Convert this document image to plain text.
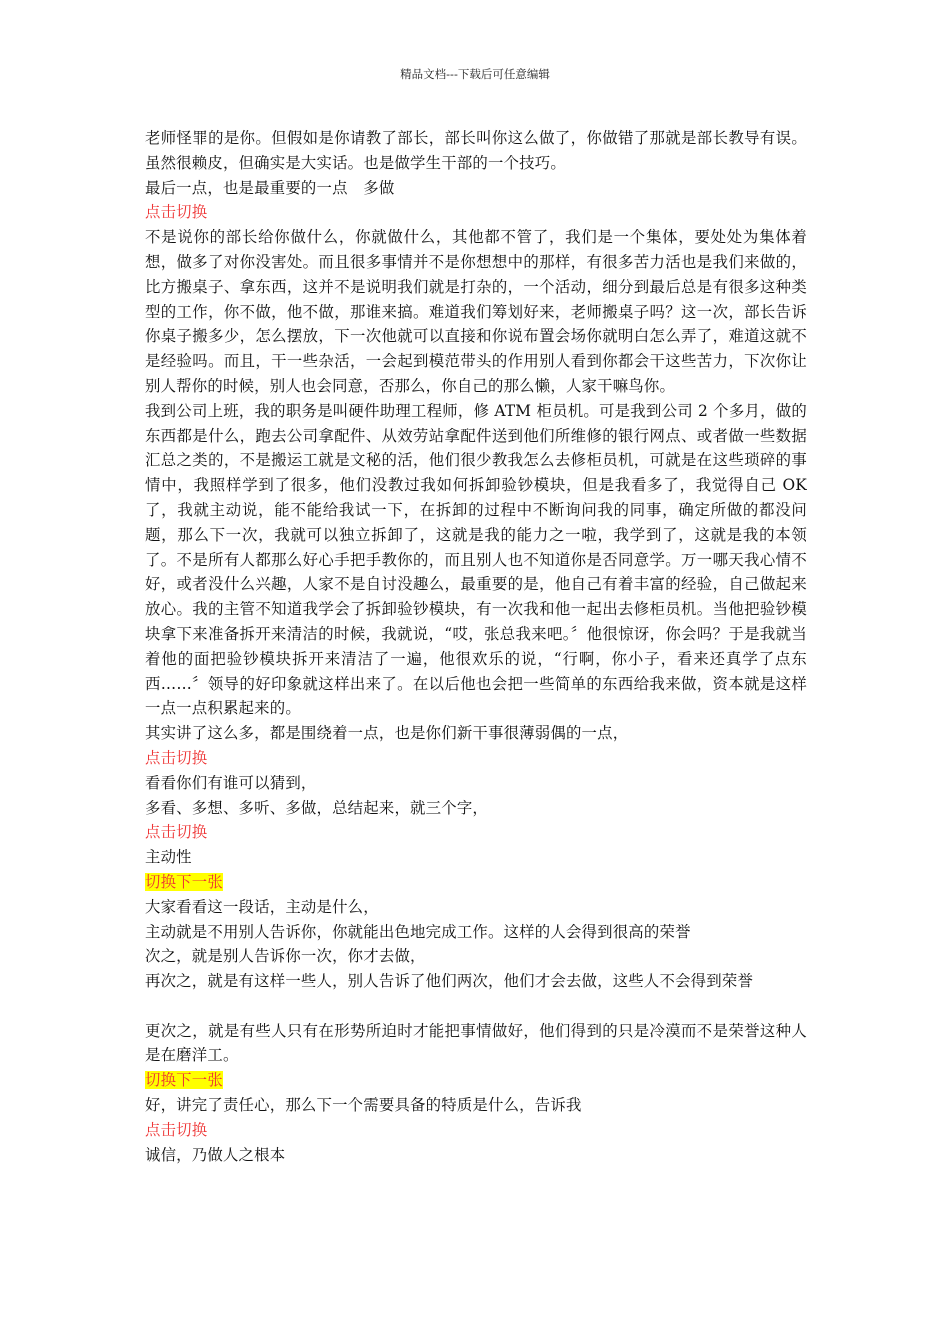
精品文档---下载后可任意编辑

老师怪罪的是你。但假如是你请教了部长，部长叫你这么做了，你做错了那就是部长教导有误。虽然很赖皮，但确实是大实话。也是做学生干部的一个技巧。

最后一点，也是最重要的一点　多做

点击切换

不是说你的部长给你做什么，你就做什么，其他都不管了，我们是一个集体，要处处为集体着想，做多了对你没害处。而且很多事情并不是你想想中的那样，有很多苦力活也是我们来做的，比方搬桌子、拿东西，这并不是说明我们就是打杂的，一个活动，细分到最后总是有很多这种类型的工作，你不做，他不做，那谁来搞。难道我们筹划好来，老师搬桌子吗？这一次，部长告诉你桌子搬多少，怎么摆放，下一次他就可以直接和你说布置会场你就明白怎么弄了，难道这就不是经验吗。而且，干一些杂活，一会起到模范带头的作用别人看到你都会干这些苦力，下次你让别人帮你的时候，别人也会同意，否那么，你自己的那么懒，人家干嘛鸟你。

我到公司上班，我的职务是叫硬件助理工程师，修 ATM 柜员机。可是我到公司 2 个多月，做的东西都是什么，跑去公司拿配件、从效劳站拿配件送到他们所维修的银行网点、或者做一些数据汇总之类的，不是搬运工就是文秘的活，他们很少教我怎么去修柜员机，可就是在这些琐碎的事情中，我照样学到了很多，他们没教过我如何拆卸验钞模块，但是我看多了，我觉得自己 OK 了，我就主动说，能不能给我试一下，在拆卸的过程中不断询问我的同事，确定所做的都没问题，那么下一次，我就可以独立拆卸了，这就是我的能力之一啦，我学到了，这就是我的本领了。不是所有人都那么好心手把手教你的，而且别人也不知道你是否同意学。万一哪天我心情不好，或者没什么兴趣，人家不是自讨没趣么，最重要的是，他自己有着丰富的经验，自己做起来放心。我的主管不知道我学会了拆卸验钞模块，有一次我和他一起出去修柜员机。当他把验钞模块拿下来准备拆开来清洁的时候，我就说，“哎，张总我来吧。〞他很惊讶，你会吗？于是我就当着他的面把验钞模块拆开来清洁了一遍，他很欢乐的说，“行啊，你小子，看来还真学了点东西……〞领导的好印象就这样出来了。在以后他也会把一些简单的东西给我来做，资本就是这样一点一点积累起来的。

其实讲了这么多，都是围绕着一点，也是你们新干事很薄弱偶的一点，

点击切换

看看你们有谁可以猜到，

多看、多想、多听、多做，总结起来，就三个字，

点击切换

主动性

切换下一张

大家看看这一段话，主动是什么，

主动就是不用别人告诉你，你就能出色地完成工作。这样的人会得到很高的荣誉

次之，就是别人告诉你一次，你才去做，

再次之，就是有这样一些人，别人告诉了他们两次，他们才会去做，这些人不会得到荣誉

更次之，就是有些人只有在形势所迫时才能把事情做好，他们得到的只是冷漠而不是荣誉这种人是在磨洋工。

切换下一张

好，讲完了责任心，那么下一个需要具备的特质是什么，告诉我

点击切换

诚信，乃做人之根本
